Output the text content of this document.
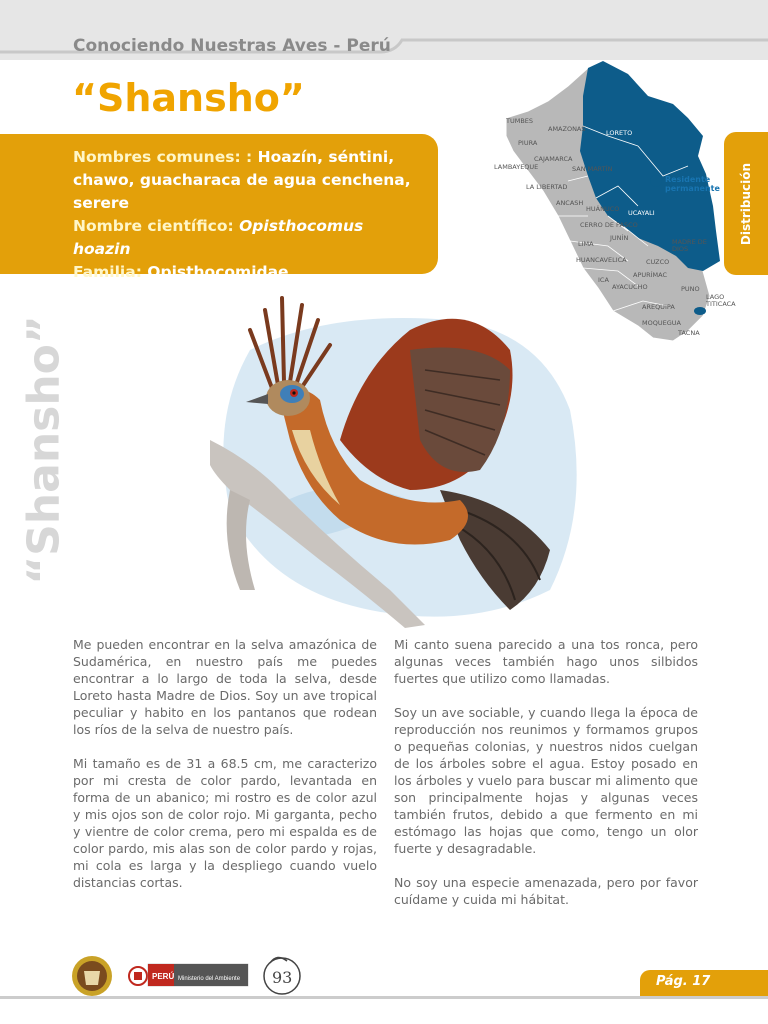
Conociendo Nuestras Aves - Perú
“Shansho”
Nombres comunes: : Hoazín, séntini, chawo, guacharaca de agua cenchena, serere
Nombre científico: Opisthocomus hoazin
Familia: Opisthocomidae
TUMBES
AMAZONAS	LORETO
PIURA
CAJAMARCA
LAMBAYEQUE	SAN MARTÍN
LA LIBERTAD
ANCASH
HUÁNUCO UCAYALI
CERRO DE PASCO
LIMA
JUNÍN	MADRE DE DIOS
HUANCAVELICA	CUZCO
APURÍMAC
ICA
AYACUCHO	PUNO
AREQUIPA
LAGO TITICACA
MOQUEGUA
TACNA
Residente permanente Distribución
“Shansho”

Me pueden encontrar en la selva amazónica de Sudamérica, en nuestro país me puedes encontrar a lo largo de toda la selva, desde Loreto hasta Madre de Dios. Soy un ave tropical peculiar y habito en los pantanos que rodean los ríos de la selva de nuestro país.

Mi tamaño es de 31 a 68.5 cm, me caracterizo por mi cresta de color pardo, levantada en forma de un abanico; mi rostro es de color azul y mis ojos son de color rojo. Mi garganta, pecho y vientre de color crema, pero mi espalda es de color pardo, mis alas son de color pardo y rojas, mi cola es larga y la despliego cuando vuelo distancias cortas.

Mi canto suena parecido a una tos ronca, pero algunas veces también hago unos silbidos fuertes que utilizo como llamadas.

Soy un ave sociable, y cuando llega la época de reproducción nos reunimos y formamos grupos o pequeñas colonias, y nuestros nidos cuelgan de los árboles sobre el agua. Estoy posado en los árboles y vuelo para buscar mi alimento que son principalmente hojas y algunas veces también frutos, debido a que fermento en mi estómago las hojas que como, tengo un olor fuerte y desagradable.

No soy una especie amenazada, pero por favor cuídame y cuida mi hábitat.

PERÚ Ministerio del Ambiente 93	Pág. 17
